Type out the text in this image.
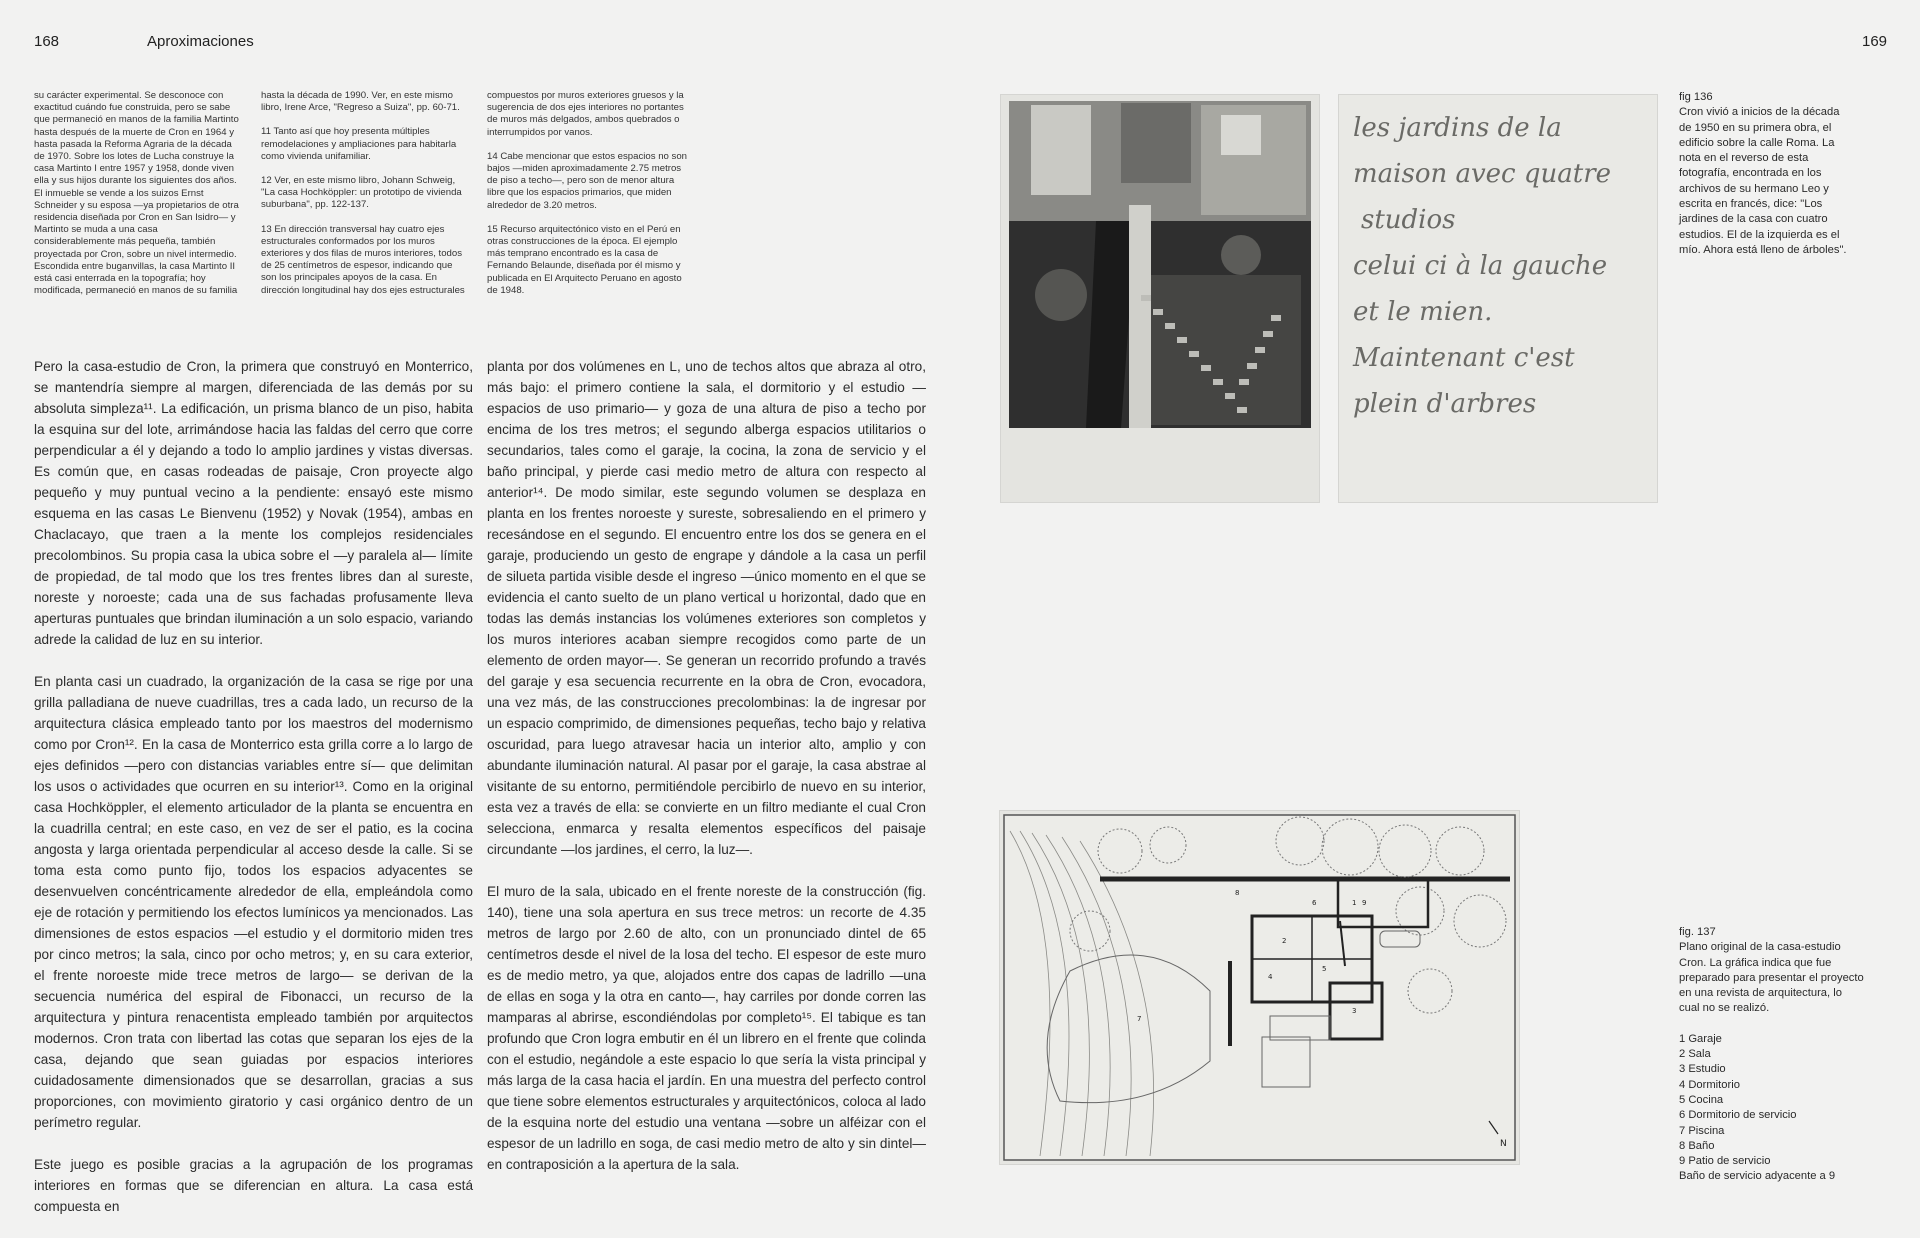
168	Aproximaciones	169

su carácter experimental. Se desconoce con exactitud cuándo fue construida, pero se sabe que permaneció en manos de la familia Martinto hasta después de la muerte de Cron en 1964 y hasta pasada la Reforma Agraria de la década de 1970. Sobre los lotes de Lucha construye la casa Martinto I entre 1957 y 1958, donde viven ella y sus hijos durante los siguientes dos años. El inmueble se vende a los suizos Ernst Schneider y su esposa —ya propietarios de otra residencia diseñada por Cron en San Isidro— y Martinto se muda a una casa considerablemente más pequeña, también proyectada por Cron, sobre un nivel intermedio. Escondida entre buganvillas, la casa Martinto II está casi enterrada en la topografía; hoy modificada, permaneció en manos de su familia

hasta la década de 1990. Ver, en este mismo libro, Irene Arce, "Regreso a Suiza", pp. 60-71.

11 Tanto así que hoy presenta múltiples remodelaciones y ampliaciones para habitarla como vivienda unifamiliar.

12 Ver, en este mismo libro, Johann Schweig, "La casa Hochköppler: un prototipo de vivienda suburbana", pp. 122-137.

13 En dirección transversal hay cuatro ejes estructurales conformados por los muros exteriores y dos filas de muros interiores, todos de 25 centímetros de espesor, indicando que son los principales apoyos de la casa. En dirección longitudinal hay dos ejes estructurales

compuestos por muros exteriores gruesos y la sugerencia de dos ejes interiores no portantes de muros más delgados, ambos quebrados o interrumpidos por vanos.

14 Cabe mencionar que estos espacios no son bajos —miden aproximadamente 2.75 metros de piso a techo—, pero son de menor altura libre que los espacios primarios, que miden alrededor de 3.20 metros.

15 Recurso arquitectónico visto en el Perú en otras construcciones de la época. El ejemplo más temprano encontrado es la casa de Fernando Belaunde, diseñada por él mismo y publicada en El Arquitecto Peruano en agosto de 1948.

Pero la casa-estudio de Cron, la primera que construyó en Monterrico, se mantendría siempre al margen, diferenciada de las demás por su absoluta simpleza¹¹. La edificación, un prisma blanco de un piso, habita la esquina sur del lote, arrimándose hacia las faldas del cerro que corre perpendicular a él y dejando a todo lo amplio jardines y vistas diversas. Es común que, en casas rodeadas de paisaje, Cron proyecte algo pequeño y muy puntual vecino a la pendiente: ensayó este mismo esquema en las casas Le Bienvenu (1952) y Novak (1954), ambas en Chaclacayo, que traen a la mente los complejos residenciales precolombinos. Su propia casa la ubica sobre el —y paralela al— límite de propiedad, de tal modo que los tres frentes libres dan al sureste, noreste y noroeste; cada una de sus fachadas profusamente lleva aperturas puntuales que brindan iluminación a un solo espacio, variando adrede la calidad de luz en su interior.

En planta casi un cuadrado, la organización de la casa se rige por una grilla palladiana de nueve cuadrillas, tres a cada lado, un recurso de la arquitectura clásica empleado tanto por los maestros del modernismo como por Cron¹². En la casa de Monterrico esta grilla corre a lo largo de ejes definidos —pero con distancias variables entre sí— que delimitan los usos o actividades que ocurren en su interior¹³. Como en la original casa Hochköppler, el elemento articulador de la planta se encuentra en la cuadrilla central; en este caso, en vez de ser el patio, es la cocina angosta y larga orientada perpendicular al acceso desde la calle. Si se toma esta como punto fijo, todos los espacios adyacentes se desenvuelven concéntricamente alrededor de ella, empleándola como eje de rotación y permitiendo los efectos lumínicos ya mencionados. Las dimensiones de estos espacios —el estudio y el dormitorio miden tres por cinco metros; la sala, cinco por ocho metros; y, en su cara exterior, el frente noroeste mide trece metros de largo— se derivan de la secuencia numérica del espiral de Fibonacci, un recurso de la arquitectura y pintura renacentista empleado también por arquitectos modernos. Cron trata con libertad las cotas que separan los ejes de la casa, dejando que sean guiadas por espacios interiores cuidadosamente dimensionados que se desarrollan, gracias a sus proporciones, con movimiento giratorio y casi orgánico dentro de un perímetro regular.

Este juego es posible gracias a la agrupación de los programas interiores en formas que se diferencian en altura. La casa está compuesta en

planta por dos volúmenes en L, uno de techos altos que abraza al otro, más bajo: el primero contiene la sala, el dormitorio y el estudio —espacios de uso primario— y goza de una altura de piso a techo por encima de los tres metros; el segundo alberga espacios utilitarios o secundarios, tales como el garaje, la cocina, la zona de servicio y el baño principal, y pierde casi medio metro de altura con respecto al anterior¹⁴. De modo similar, este segundo volumen se desplaza en planta en los frentes noroeste y sureste, sobresaliendo en el primero y recesándose en el segundo. El encuentro entre los dos se genera en el garaje, produciendo un gesto de engrape y dándole a la casa un perfil de silueta partida visible desde el ingreso —único momento en el que se evidencia el canto suelto de un plano vertical u horizontal, dado que en todas las demás instancias los volúmenes exteriores son completos y los muros interiores acaban siempre recogidos como parte de un elemento de orden mayor—. Se generan un recorrido profundo a través del garaje y esa secuencia recurrente en la obra de Cron, evocadora, una vez más, de las construcciones precolombinas: la de ingresar por un espacio comprimido, de dimensiones pequeñas, techo bajo y relativa oscuridad, para luego atravesar hacia un interior alto, amplio y con abundante iluminación natural. Al pasar por el garaje, la casa abstrae al visitante de su entorno, permitiéndole percibirlo de nuevo en su interior, esta vez a través de ella: se convierte en un filtro mediante el cual Cron selecciona, enmarca y resalta elementos específicos del paisaje circundante —los jardines, el cerro, la luz—.

El muro de la sala, ubicado en el frente noreste de la construcción (fig. 140), tiene una sola apertura en sus trece metros: un recorte de 4.35 metros de largo por 2.60 de alto, con un pronunciado dintel de 65 centímetros desde el nivel de la losa del techo. El espesor de este muro es de medio metro, ya que, alojados entre dos capas de ladrillo —una de ellas en soga y la otra en canto—, hay carriles por donde corren las mamparas al abrirse, escondiéndolas por completo¹⁵. El tabique es tan profundo que Cron logra embutir en él un librero en el frente que colinda con el estudio, negándole a este espacio lo que sería la vista principal y más larga de la casa hacia el jardín. En una muestra del perfecto control que tiene sobre elementos estructurales y arquitectónicos, coloca al lado de la esquina norte del estudio una ventana —sobre un alféizar con el espesor de un ladrillo en soga, de casi medio metro de alto y sin dintel— en contraposición a la apertura de la sala.

les jardins de la
maison avec quatre
studios
celui ci à la gauche
et le mien.
Maintenant c'est
plein d'arbres

fig 136

Cron vivió a inicios de la década de 1950 en su primera obra, el edificio sobre la calle Roma. La nota en el reverso de esta fotografía, encontrada en los archivos de su hermano Leo y escrita en francés, dice: "Los jardines de la casa con cuatro estudios. El de la izquierda es el mío. Ahora está lleno de árboles".

1
2
3
4
5
6
7
8
9
N

fig. 137

Plano original de la casa-estudio Cron. La gráfica indica que fue preparado para presentar el proyecto en una revista de arquitectura, lo cual no se realizó.

1 Garaje
2 Sala
3 Estudio
4 Dormitorio
5 Cocina
6 Dormitorio de servicio
7 Piscina
8 Baño
9 Patio de servicio
Baño de servicio adyacente a 9
